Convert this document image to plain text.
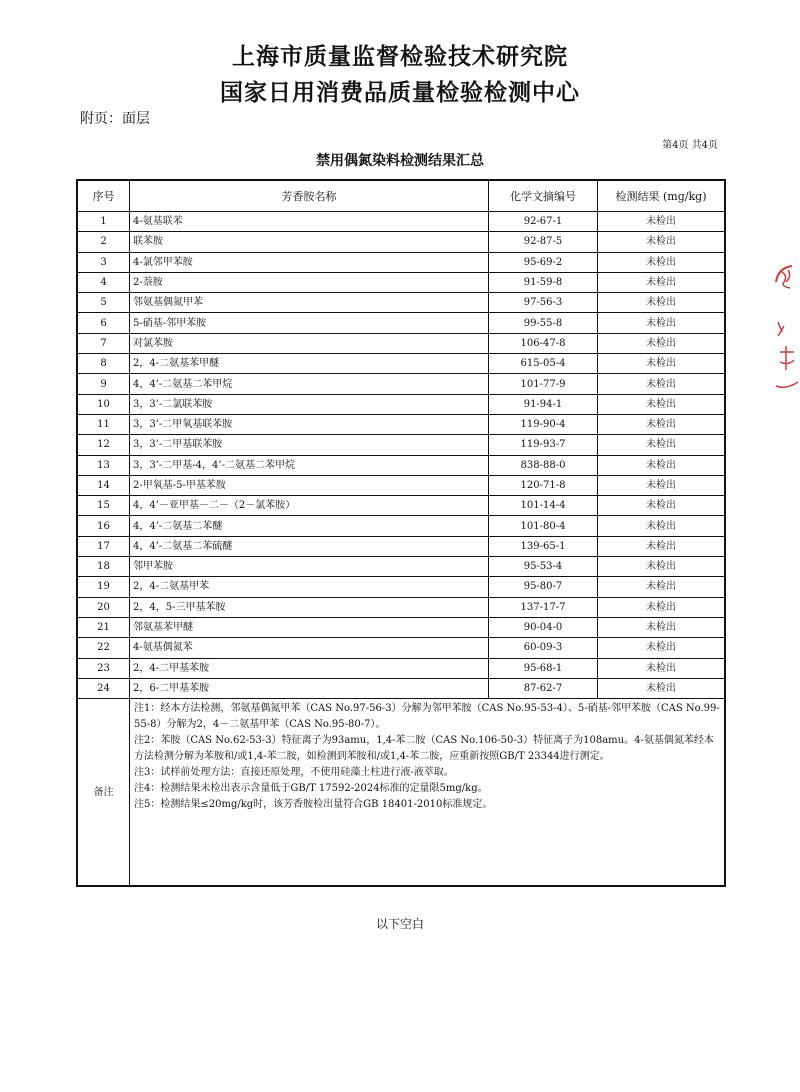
上海市质量监督检验技术研究院
国家日用消费品质量检验检测中心
附页：面层
第4页 共4页
禁用偶氮染料检测结果汇总
序号	芳香胺名称	化学文摘编号	检测结果 (mg/kg)
1	4-氨基联苯	92-67-1	未检出
2	联苯胺	92-87-5	未检出
3	4-氯邻甲苯胺	95-69-2	未检出
4	2-萘胺	91-59-8	未检出
5	邻氨基偶氮甲苯	97-56-3	未检出
6	5-硝基-邻甲苯胺	99-55-8	未检出
7	对氯苯胺	106-47-8	未检出
8	2，4-二氨基苯甲醚	615-05-4	未检出
9	4，4’-二氨基二苯甲烷	101-77-9	未检出
10	3，3’-二氯联苯胺	91-94-1	未检出
11	3，3’-二甲氧基联苯胺	119-90-4	未检出
12	3，3’-二甲基联苯胺	119-93-7	未检出
13	3，3’-二甲基-4，4’-二氨基二苯甲烷	838-88-0	未检出
14	2-甲氧基-5-甲基苯胺	120-71-8	未检出
15	4，4’－亚甲基－二－（2－氯苯胺）	101-14-4	未检出
16	4，4’-二氨基二苯醚	101-80-4	未检出
17	4，4’-二氨基二苯硫醚	139-65-1	未检出
18	邻甲苯胺	95-53-4	未检出
19	2，4-二氨基甲苯	95-80-7	未检出
20	2，4，5-三甲基苯胺	137-17-7	未检出
21	邻氨基苯甲醚	90-04-0	未检出
22	4-氨基偶氮苯	60-09-3	未检出
23	2，4-二甲基苯胺	95-68-1	未检出
24	2，6-二甲基苯胺	87-62-7	未检出
备注	注1：经本方法检测，邻氨基偶氮甲苯（CAS No.97-56-3）分解为邻甲苯胺（CAS No.95-53-4）、5-硝基-邻甲苯胺（CAS No.99-55-8）分解为2，4－二氨基甲苯（CAS No.95-80-7）。
注2：苯胺（CAS No.62-53-3）特征离子为93amu，1,4-苯二胺（CAS No.106-50-3）特征离子为108amu。4-氨基偶氮苯经本方法检测分解为苯胺和/或1,4-苯二胺，如检测到苯胺和/或1,4-苯二胺，应重新按照GB/T 23344进行测定。
注3：试样前处理方法：直接还原处理，不使用硅藻土柱进行液-液萃取。
注4：检测结果未检出表示含量低于GB/T 17592-2024标准的定量限5mg/kg。
注5：检测结果≤20mg/kg时，该芳香胺检出量符合GB 18401-2010标准规定。		
以下空白
